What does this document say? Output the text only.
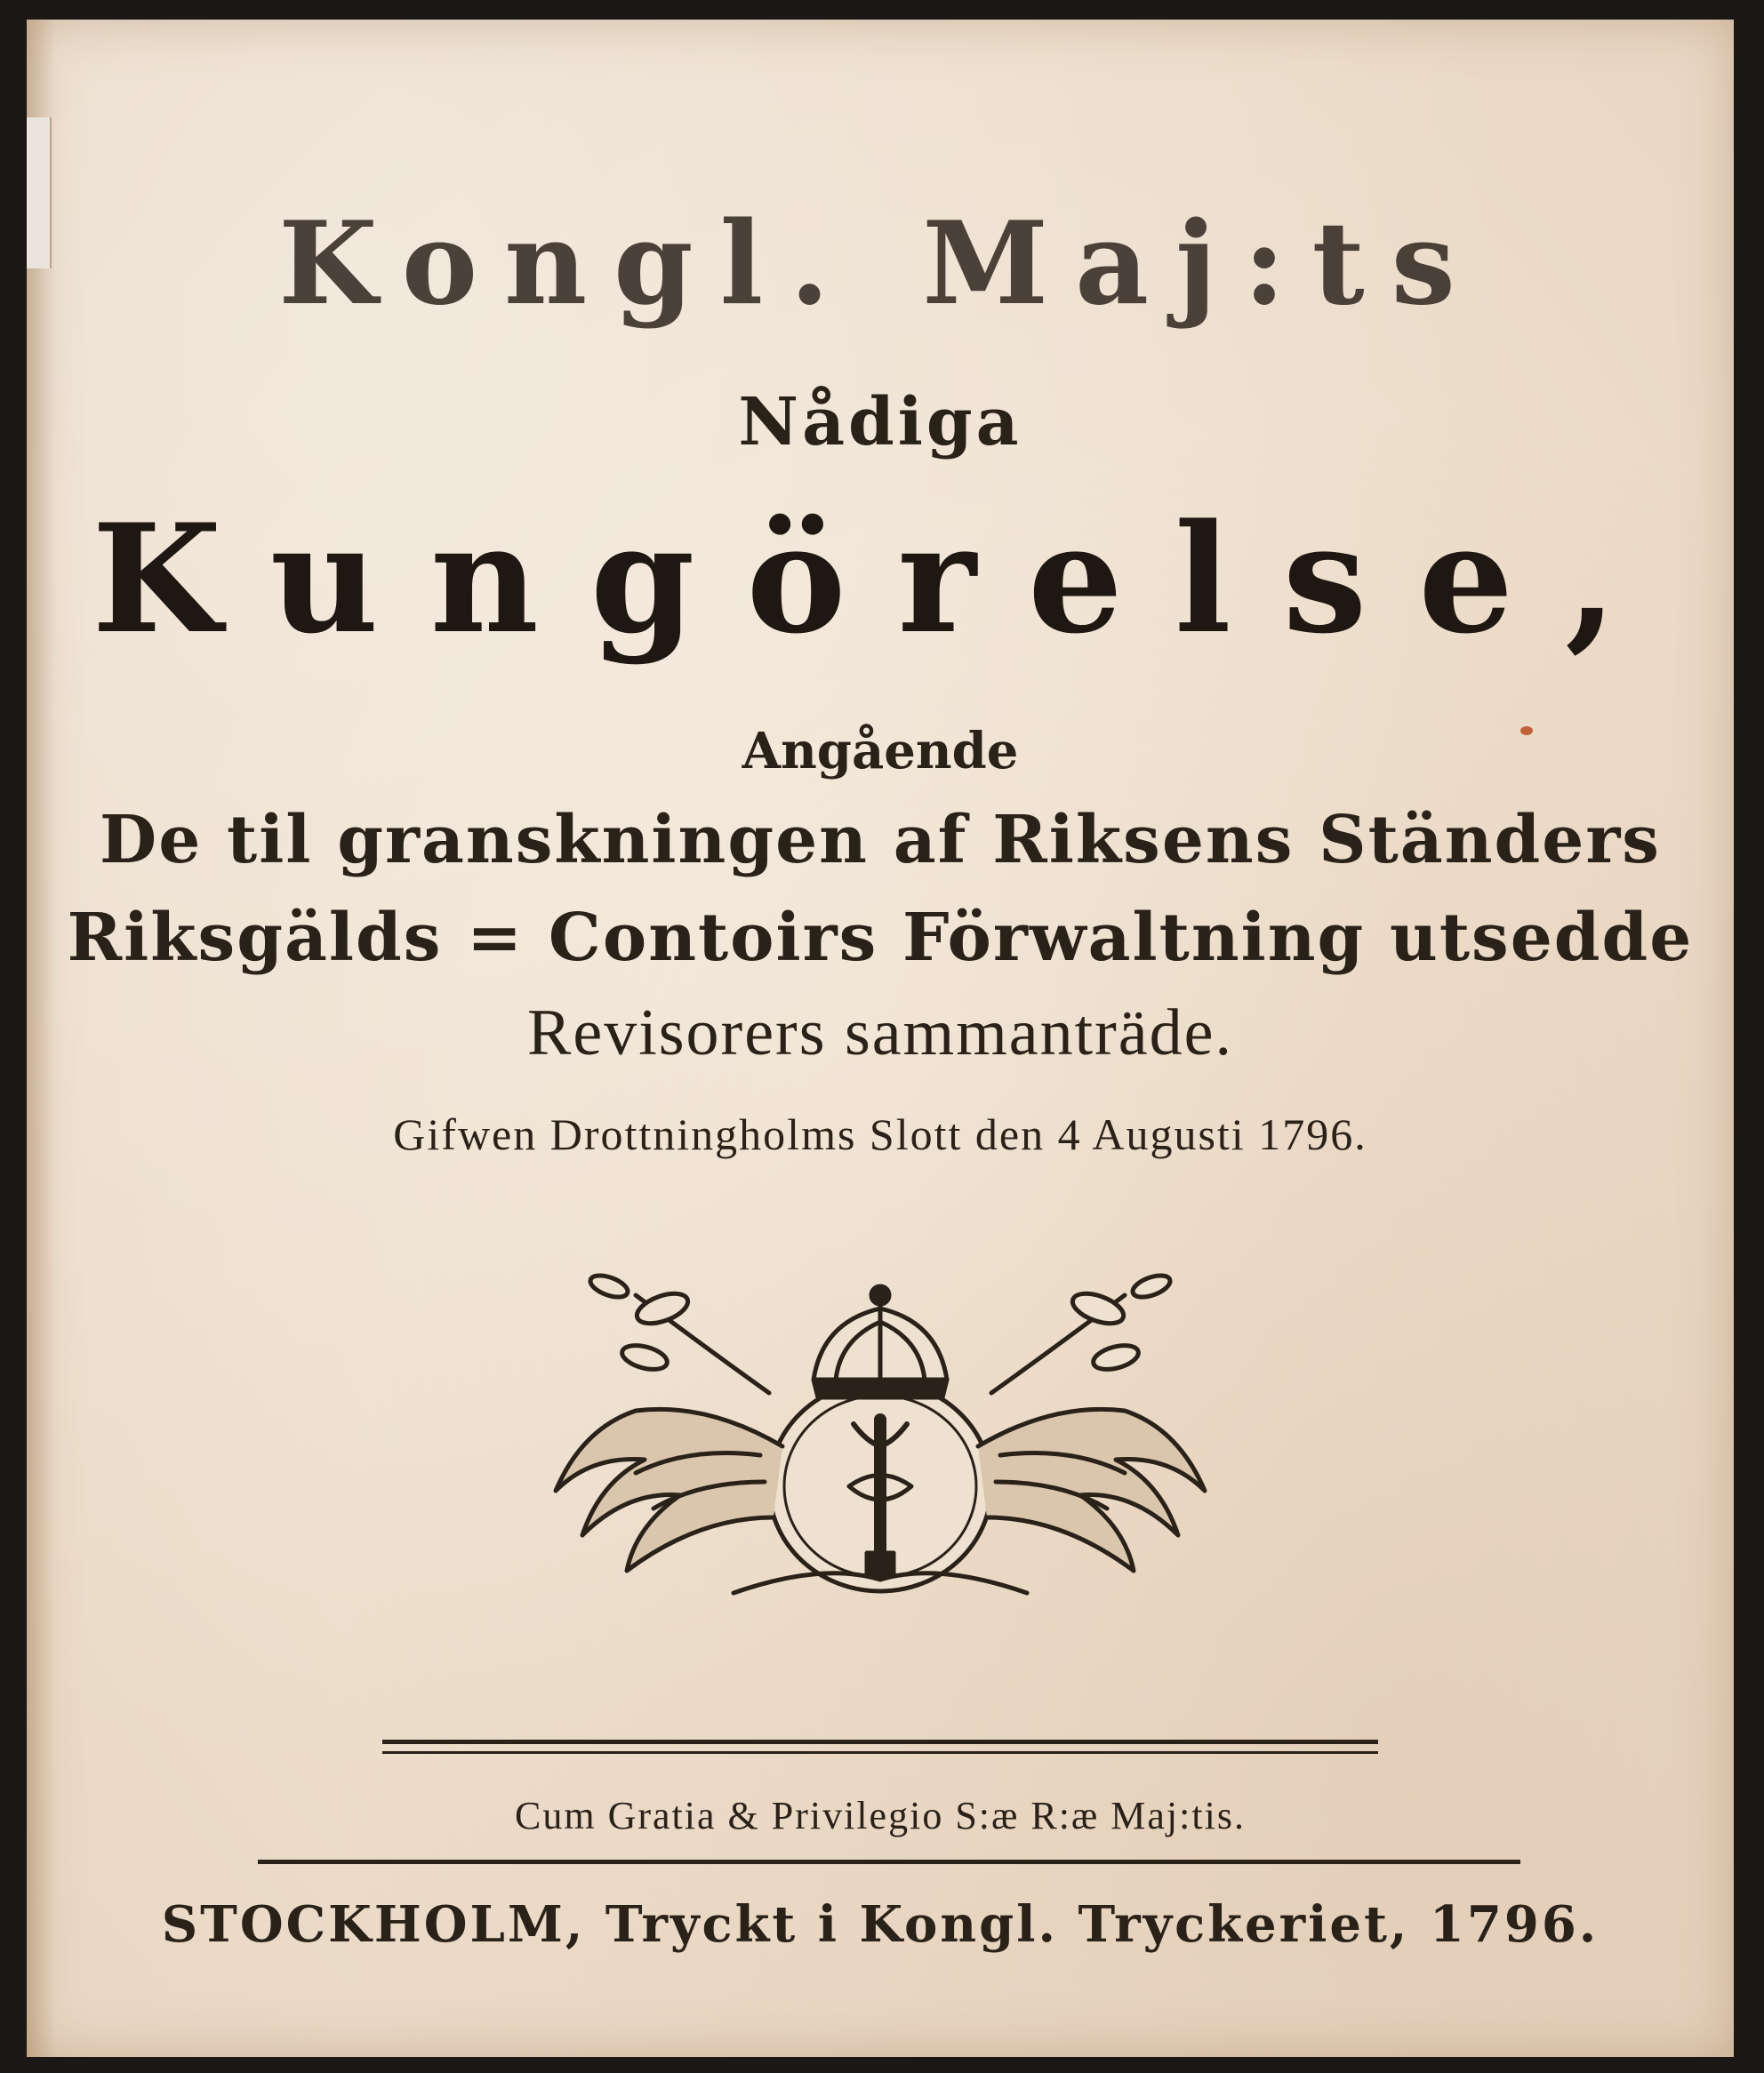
Kongl. Maj:ts
Nådiga
Kungörelse,
Angående
De til granskningen af Riksens Ständers
Riksgälds = Contoirs Förwaltning utsedde
Revisorers sammanträde.
Gifwen Drottningholms Slott den 4 Augusti 1796.
Cum Gratia & Privilegio S:æ R:æ Maj:tis.
STOCKHOLM, Tryckt i Kongl. Tryckeriet, 1796.
